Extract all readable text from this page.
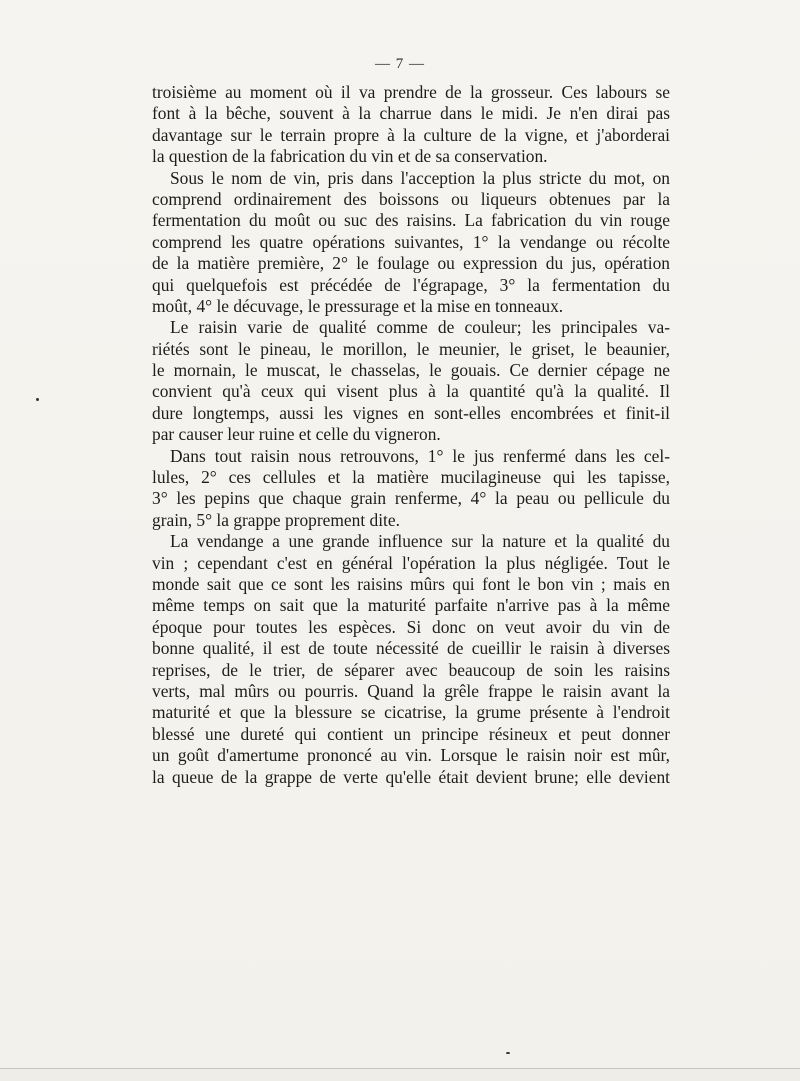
— 7 —
troisième au moment où il va prendre de la grosseur. Ces labours se
font à la bêche, souvent à la charrue dans le midi. Je n'en dirai pas
davantage sur le terrain propre à la culture de la vigne, et j'aborderai
la question de la fabrication du vin et de sa conservation.
Sous le nom de vin, pris dans l'acception la plus stricte du mot, on
comprend ordinairement des boissons ou liqueurs obtenues par la
fermentation du moût ou suc des raisins. La fabrication du vin rouge
comprend les quatre opérations suivantes, 1° la vendange ou récolte
de la matière première, 2° le foulage ou expression du jus, opération
qui quelquefois est précédée de l'égrapage, 3° la fermentation du
moût, 4° le décuvage, le pressurage et la mise en tonneaux.
Le raisin varie de qualité comme de couleur; les principales va-
riétés sont le pineau, le morillon, le meunier, le griset, le beaunier,
le mornain, le muscat, le chasselas, le gouais. Ce dernier cépage ne
convient qu'à ceux qui visent plus à la quantité qu'à la qualité. Il
dure longtemps, aussi les vignes en sont-elles encombrées et finit-il
par causer leur ruine et celle du vigneron.
Dans tout raisin nous retrouvons, 1° le jus renfermé dans les cel-
lules, 2° ces cellules et la matière mucilagineuse qui les tapisse,
3° les pepins que chaque grain renferme, 4° la peau ou pellicule du
grain, 5° la grappe proprement dite.
La vendange a une grande influence sur la nature et la qualité du
vin ; cependant c'est en général l'opération la plus négligée. Tout le
monde sait que ce sont les raisins mûrs qui font le bon vin ; mais en
même temps on sait que la maturité parfaite n'arrive pas à la même
époque pour toutes les espèces. Si donc on veut avoir du vin de
bonne qualité, il est de toute nécessité de cueillir le raisin à diverses
reprises, de le trier, de séparer avec beaucoup de soin les raisins
verts, mal mûrs ou pourris. Quand la grêle frappe le raisin avant la
maturité et que la blessure se cicatrise, la grume présente à l'endroit
blessé une dureté qui contient un principe résineux et peut donner
un goût d'amertume prononcé au vin. Lorsque le raisin noir est mûr,
la queue de la grappe de verte qu'elle était devient brune; elle devient
